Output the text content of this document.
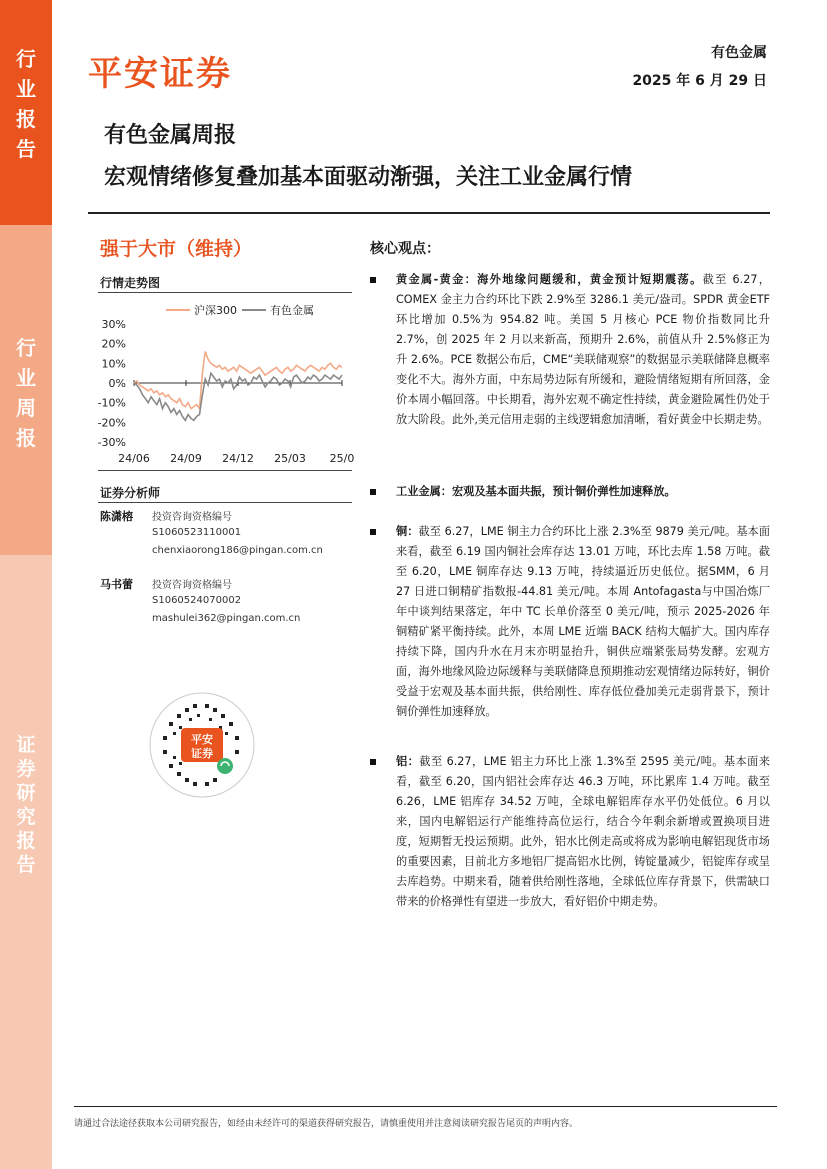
行
业
报
告
行
业
周
报
证
券
研
究
报
告
平安证券
有色金属
2025 年 6 月 29 日
有色金属周报
宏观情绪修复叠加基本面驱动渐强，关注工业金属行情
强于大市（维持）
行情走势图
沪深300	有色金属
30%
20%
10%
0%
-10%
-20%
-30%
24/06 24/09 24/12 25/03 25/0
证券分析师
陈潇榕 投资咨询资格编号
S1060523110001
chenxiaorong186@pingan.com.cn
马书蕾 投资咨询资格编号
S1060524070002
mashulei362@pingan.com.cn
平安
证券
核心观点：
黄金属-黄金：海外地缘问题缓和，黄金预计短期震荡。截至 6.27，COMEX 金主力合约环比下跌 2.9%至 3286.1 美元/盎司。SPDR 黄金ETF 环比增加 0.5%为 954.82 吨。美国 5 月核心 PCE 物价指数同比升 2.7%，创 2025 年 2 月以来新高，预期升 2.6%，前值从升 2.5%修正为升 2.6%。PCE 数据公布后，CME“美联储观察”的数据显示美联储降息概率变化不大。海外方面，中东局势边际有所缓和，避险情绪短期有所回落，金价本周小幅回落。中长期看，海外宏观不确定性持续，黄金避险属性仍处于放大阶段。此外,美元信用走弱的主线逻辑愈加清晰，看好黄金中长期走势。
工业金属：宏观及基本面共振，预计铜价弹性加速释放。
铜：截至 6.27，LME 铜主力合约环比上涨 2.3%至 9879 美元/吨。基本面来看，截至 6.19 国内铜社会库存达 13.01 万吨，环比去库 1.58 万吨。截至 6.20，LME 铜库存达 9.13 万吨，持续逼近历史低位。据SMM，6 月 27 日进口铜精矿指数报-44.81 美元/吨。本周 Antofagasta与中国冶炼厂年中谈判结果落定，年中 TC 长单价落至 0 美元/吨，预示 2025-2026 年铜精矿紧平衡持续。此外，本周 LME 近端 BACK 结构大幅扩大。国内库存持续下降，国内升水在月末亦明显抬升，铜供应端紧张局势发酵。宏观方面，海外地缘风险边际缓释与美联储降息预期推动宏观情绪边际转好，铜价受益于宏观及基本面共振，供给刚性、库存低位叠加美元走弱背景下，预计铜价弹性加速释放。
铝：截至 6.27，LME 铝主力环比上涨 1.3%至 2595 美元/吨。基本面来看，截至 6.20，国内铝社会库存达 46.3 万吨，环比累库 1.4 万吨。截至 6.26，LME 铝库存 34.52 万吨，全球电解铝库存水平仍处低位。6 月以来，国内电解铝运行产能维持高位运行，结合今年剩余新增或置换项目进度，短期暂无投运预期。此外，铝水比例走高或将成为影响电解铝现货市场的重要因素，目前北方多地铝厂提高铝水比例，铸锭量减少，铝锭库存或呈去库趋势。中期来看，随着供给刚性落地，全球低位库存背景下，供需缺口带来的价格弹性有望进一步放大，看好铝价中期走势。
请通过合法途径获取本公司研究报告，如经由未经许可的渠道获得研究报告，请慎重使用并注意阅读研究报告尾页的声明内容。
